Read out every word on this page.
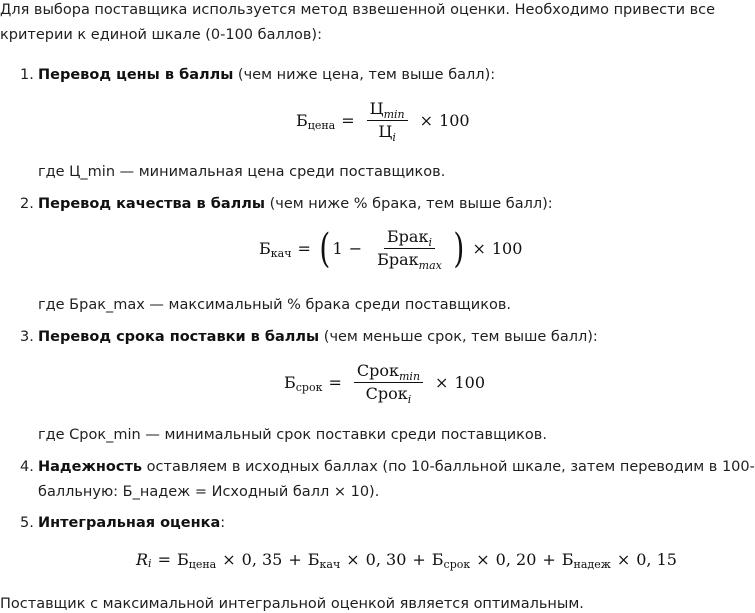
Для выбора поставщика используется метод взвешенной оценки. Необходимо привести все
критерии к единой шкале (0-100 баллов):
1. Перевод цены в баллы (чем ниже цена, тем выше балл):
Б цена = $\frac{Ц_{min}}{Ц_i} \times 100$
где Ц_min — минимальная цена среди поставщиков.
2. Перевод качества в баллы (чем ниже % брака, тем выше балл):
Б кач = ( $1 - \frac{Брак_i}{Брак_{max}}$ ) × 100
где Брак_max — максимальный % брака среди поставщиков.
3. Перевод срока поставки в баллы (чем меньше срок, тем выше балл):
Б срок = $\frac{Срок_{min}}{Срок_i} \times 100$
где Срок_min — минимальный срок поставки среди поставщиков.
4. Надежность оставляем в исходных баллах (по 10-балльной шкале, затем переводим в 100-
балльную: Б_надеж = Исходный балл × 10).
5. Интегральная оценка:
R i = Б цена × 0, 35 + Б кач × 0, 30 + Б срок × 0, 20 + Б надеж × 0, 15
Поставщик с максимальной интегральной оценкой является оптимальным.
